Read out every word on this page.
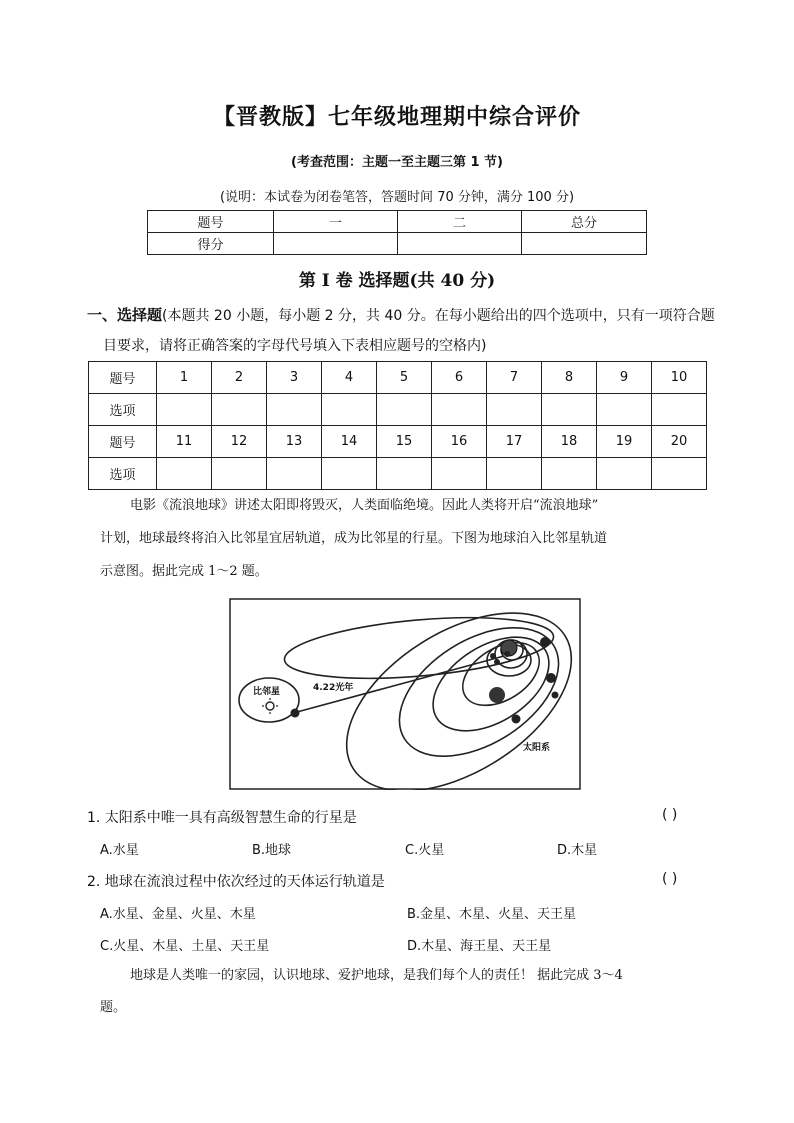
【晋教版】七年级地理期中综合评价
(考查范围：主题一至主题三第 1 节)
(说明：本试卷为闭卷笔答，答题时间 70 分钟，满分 100 分)
题号	一	二	总分
得分			
第 I 卷 选择题(共 40 分)
一、选择题(本题共 20 小题，每小题 2 分，共 40 分。在每小题给出的四个选项中，只有一项符合题
目要求，请将正确答案的字母代号填入下表相应题号的空格内)
题号	1	2	3	4	5	6	7	8	9	10
选项										
题号	11	12	13	14	15	16	17	18	19	20
选项										
电影《流浪地球》讲述太阳即将毁灭，人类面临绝境。因此人类将开启“流浪地球”
计划，地球最终将泊入比邻星宜居轨道，成为比邻星的行星。下图为地球泊入比邻星轨道
示意图。据此完成 1～2 题。
比邻星	4.22光年
太阳系
1. 太阳系中唯一具有高级智慧生命的行星是	( )
A.水星	B.地球	C.火星	D.木星
2. 地球在流浪过程中依次经过的天体运行轨道是	( )
A.水星、金星、火星、木星	B.金星、木星、火星、天王星
C.火星、木星、土星、天王星	D.木星、海王星、天王星
地球是人类唯一的家园，认识地球、爱护地球，是我们每个人的责任！ 据此完成 3～4
题。
